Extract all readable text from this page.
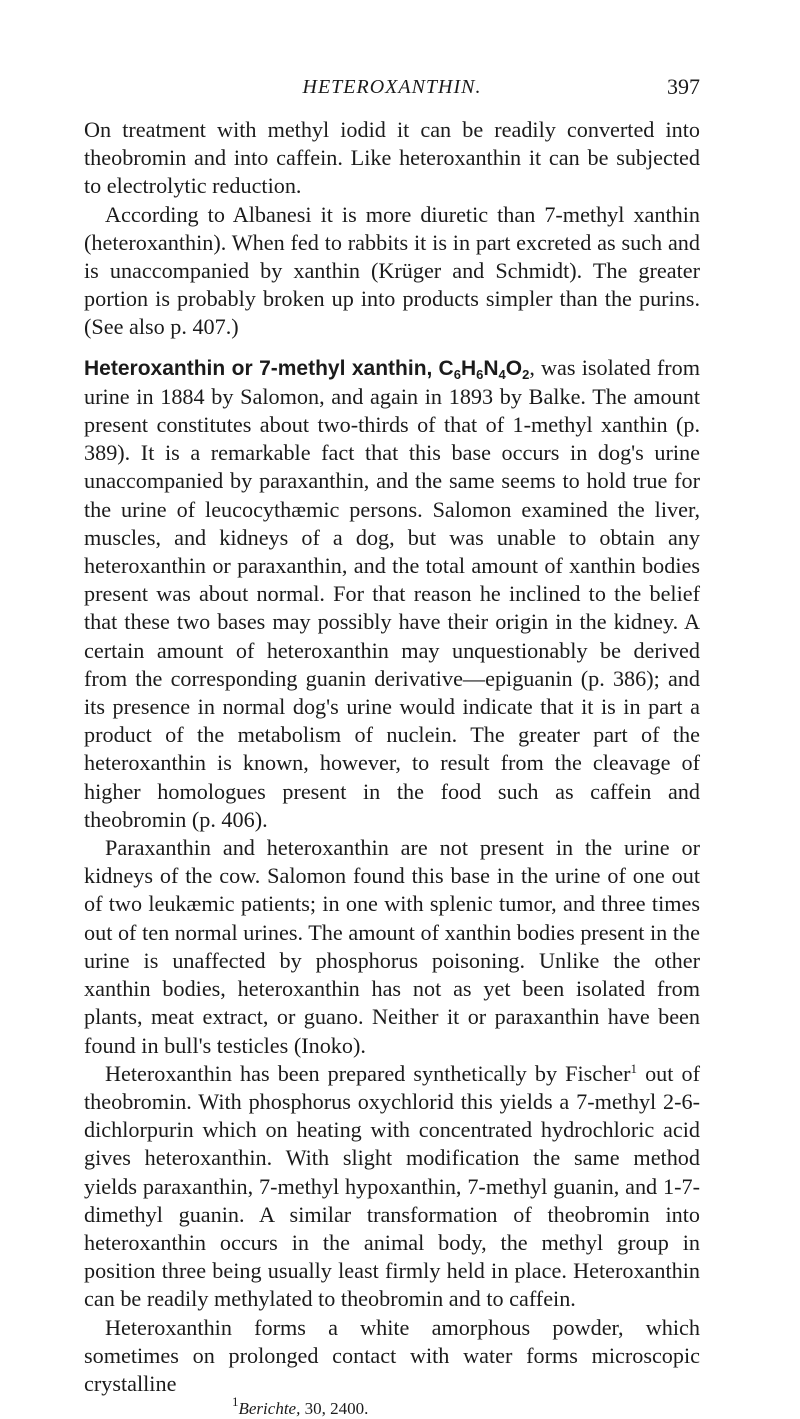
HETEROXANTHIN.	397

On treatment with methyl iodid it can be readily converted into theobromin and into caffein. Like heteroxanthin it can be subjected to electrolytic reduction.

According to Albanesi it is more diuretic than 7-methyl xanthin (heteroxanthin). When fed to rabbits it is in part excreted as such and is unaccompanied by xanthin (Krüger and Schmidt). The greater portion is probably broken up into products simpler than the purins. (See also p. 407.)

Heteroxanthin or 7-methyl xanthin, $C_6H_6N_4O_2$, was isolated from urine in 1884 by Salomon, and again in 1893 by Balke. The amount present constitutes about two-thirds of that of 1-methyl xanthin (p. 389). It is a remarkable fact that this base occurs in dog's urine unaccompanied by paraxanthin, and the same seems to hold true for the urine of leucocythæmic persons. Salomon examined the liver, muscles, and kidneys of a dog, but was unable to obtain any heteroxanthin or paraxanthin, and the total amount of xanthin bodies present was about normal. For that reason he inclined to the belief that these two bases may possibly have their origin in the kidney. A certain amount of heteroxanthin may unquestionably be derived from the corresponding guanin derivative—epiguanin (p. 386); and its presence in normal dog's urine would indicate that it is in part a product of the metabolism of nuclein. The greater part of the heteroxanthin is known, however, to result from the cleavage of higher homologues present in the food such as caffein and theobromin (p. 406).

Paraxanthin and heteroxanthin are not present in the urine or kidneys of the cow. Salomon found this base in the urine of one out of two leukæmic patients; in one with splenic tumor, and three times out of ten normal urines. The amount of xanthin bodies present in the urine is unaffected by phosphorus poisoning. Unlike the other xanthin bodies, heteroxanthin has not as yet been isolated from plants, meat extract, or guano. Neither it or paraxanthin have been found in bull's testicles (Inoko).

Heteroxanthin has been prepared synthetically by Fischer$^1$ out of theobromin. With phosphorus oxychlorid this yields a 7-methyl 2-6-dichlorpurin which on heating with concentrated hydrochloric acid gives heteroxanthin. With slight modification the same method yields paraxanthin, 7-methyl hypoxanthin, 7-methyl guanin, and 1-7-dimethyl guanin. A similar transformation of theobromin into heteroxanthin occurs in the animal body, the methyl group in position three being usually least firmly held in place. Heteroxanthin can be readily methylated to theobromin and to caffein.

Heteroxanthin forms a white amorphous powder, which sometimes on prolonged contact with water forms microscopic crystalline

$^1$Berichte, 30, 2400.
